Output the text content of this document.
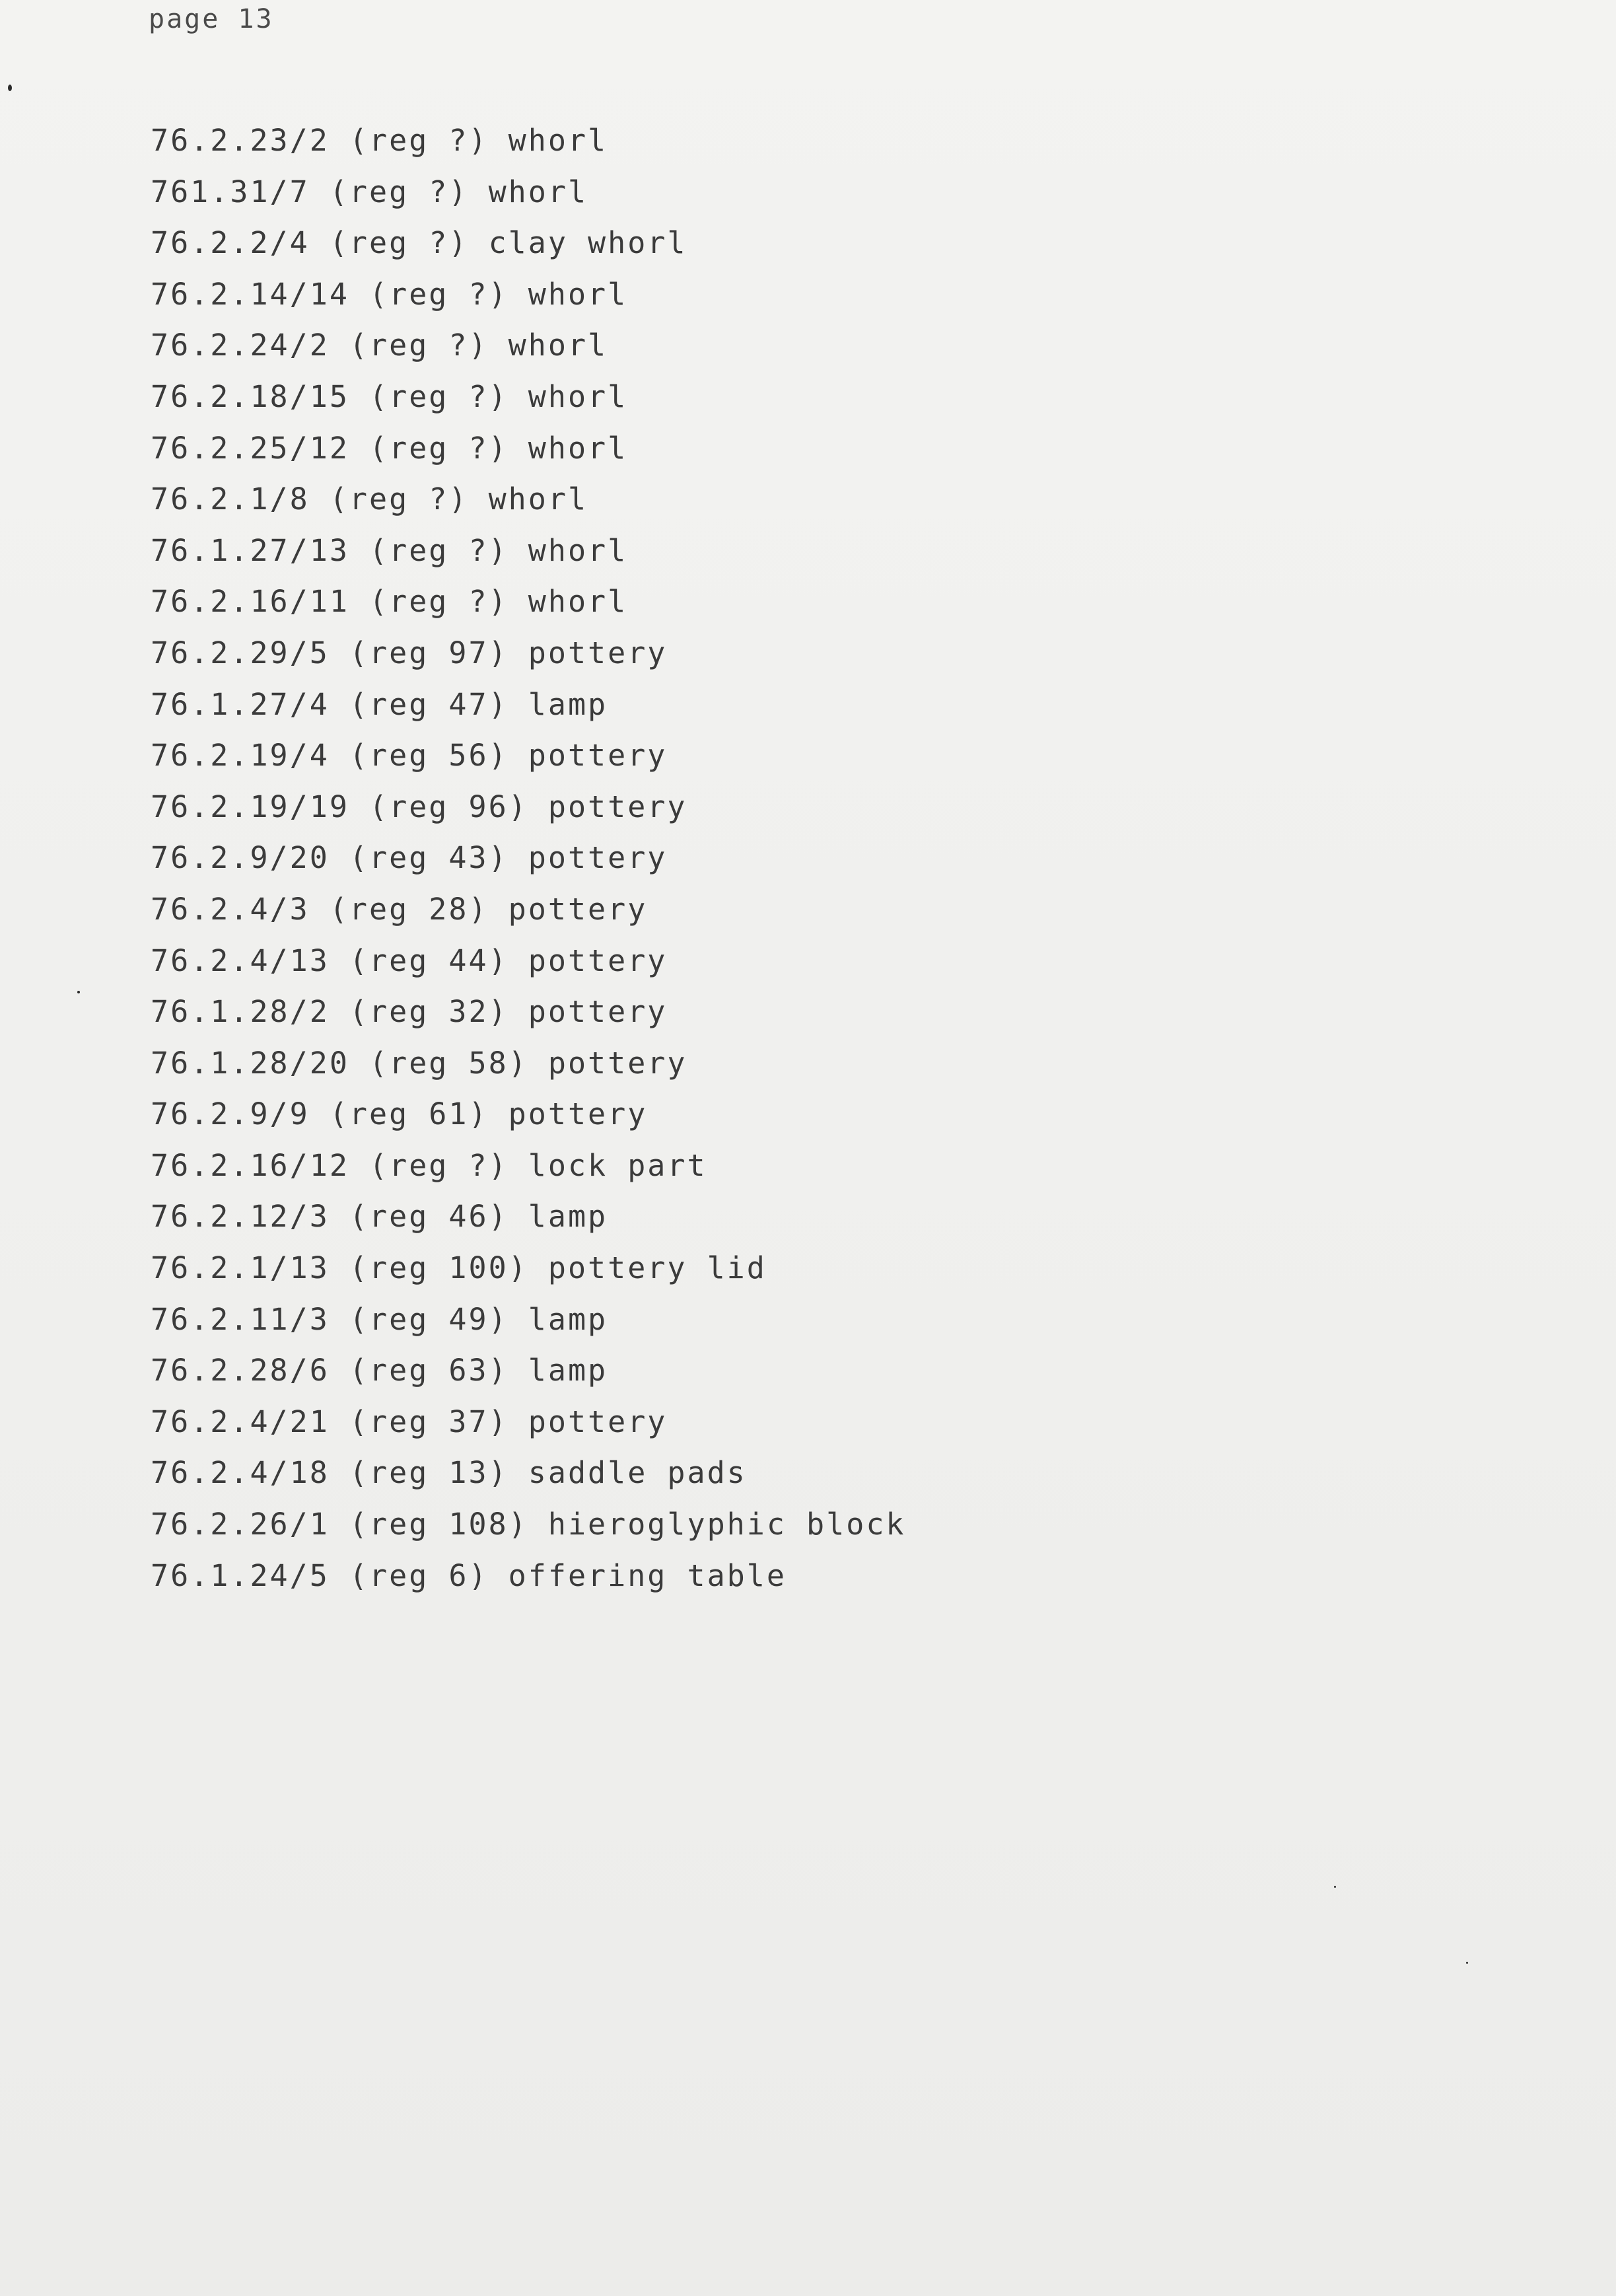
page 13
76.2.23/2 (reg ?) whorl
761.31/7 (reg ?) whorl
76.2.2/4 (reg ?) clay whorl
76.2.14/14 (reg ?) whorl
76.2.24/2 (reg ?) whorl
76.2.18/15 (reg ?) whorl
76.2.25/12 (reg ?) whorl
76.2.1/8 (reg ?) whorl
76.1.27/13 (reg ?) whorl
76.2.16/11 (reg ?) whorl
76.2.29/5 (reg 97) pottery
76.1.27/4 (reg 47) lamp
76.2.19/4 (reg 56) pottery
76.2.19/19 (reg 96) pottery
76.2.9/20 (reg 43) pottery
76.2.4/3 (reg 28) pottery
76.2.4/13 (reg 44) pottery
76.1.28/2 (reg 32) pottery
76.1.28/20 (reg 58) pottery
76.2.9/9 (reg 61) pottery
76.2.16/12 (reg ?) lock part
76.2.12/3 (reg 46) lamp
76.2.1/13 (reg 100) pottery lid
76.2.11/3 (reg 49) lamp
76.2.28/6 (reg 63) lamp
76.2.4/21 (reg 37) pottery
76.2.4/18 (reg 13) saddle pads
76.2.26/1 (reg 108) hieroglyphic block
76.1.24/5 (reg 6) offering table
